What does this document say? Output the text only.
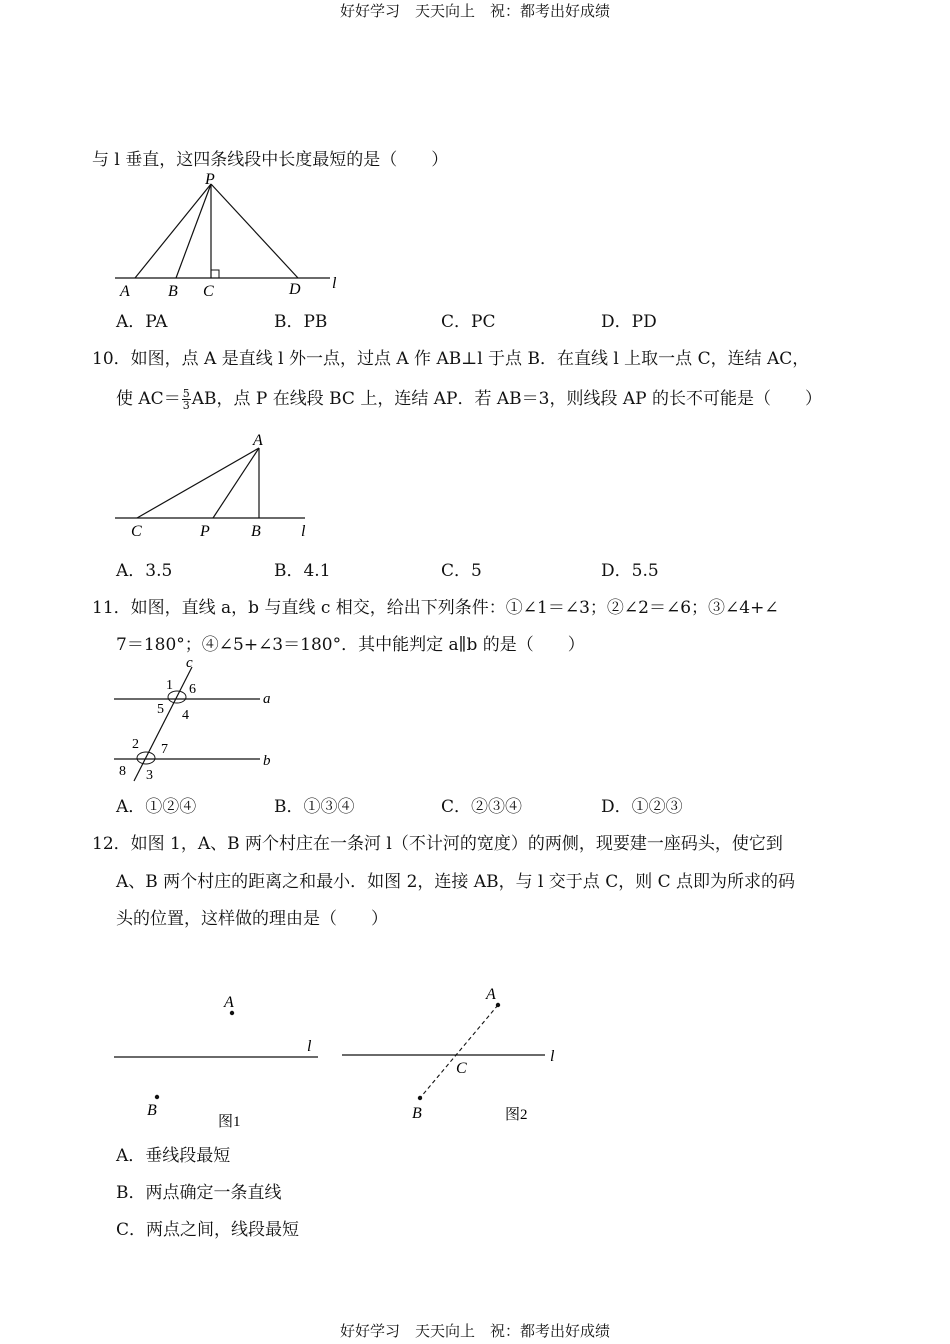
好好学习　天天向上　祝：都考出好成绩
与 l 垂直，这四条线段中长度最短的是（　　）
P
A B C	D l
A．PA	B．PB	C．PC	D．PD
10．如图，点 A 是直线 l 外一点，过点 A 作 AB⊥l 于点 B．在直线 l 上取一点 C，连结 AC，
使 $AC= \frac{5}{3}$ AB，点 P 在线段 BC 上，连结 AP．若 AB＝3，则线段 AP 的长不可能是（　　）
A
C	P	B	l
A．3.5	B．4.1	C．5	D．5.5
11．如图，直线 a，b 与直线 c 相交，给出下列条件：①∠1＝∠3；②∠2＝∠6；③∠4+∠
7＝180°；④∠5+∠3＝180°．其中能判定 a∥b 的是（　　）
c
a
b
1 6
5 4
2 7
8 3
A．①②④	B．①③④	C．②③④	D．①②③
12．如图 1，A、B 两个村庄在一条河 l（不计河的宽度）的两侧，现要建一座码头，使它到
A、B 两个村庄的距离之和最小．如图 2，连接 AB，与 l 交于点 C，则 C 点即为所求的码
头的位置，这样做的理由是（　　）
A
B
l
图1
A
B
C
l
图2
A．垂线段最短
B．两点确定一条直线
C．两点之间，线段最短
好好学习　天天向上　祝：都考出好成绩
